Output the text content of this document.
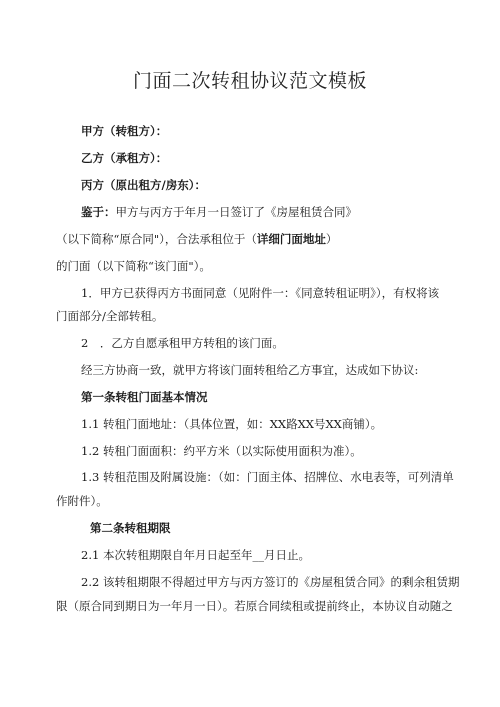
门面二次转租协议范文模板
甲方（转租方）：
乙方（承租方）：
丙方（原出租方/房东）：
鉴于：甲方与丙方于年月一日签订了《房屋租赁合同》
（以下简称“原合同"），合法承租位于（详细门面地址）
的门面（以下简称“该门面"）。
1．甲方已获得丙方书面同意（见附件一：《同意转租证明》），有权将该
门面部分/全部转租。
2　．乙方自愿承租甲方转租的该门面。
经三方协商一致，就甲方将该门面转租给乙方事宜，达成如下协议:
第一条转租门面基本情况
1.1 转租门面地址：（具体位置，如：XX路XX号XX商铺）。
1.2 转租门面面积：约平方米（以实际使用面积为准）。
1.3 转租范围及附属设施：（如：门面主体、招牌位、水电表等，可列清单
作附件）。
第二条转租期限
2.1 本次转租期限自年月日起至年__月日止。
2.2 该转租期限不得超过甲方与丙方签订的《房屋租赁合同》的剩余租赁期
限（原合同到期日为一年月一日）。若原合同续租或提前终止，本协议自动随之
